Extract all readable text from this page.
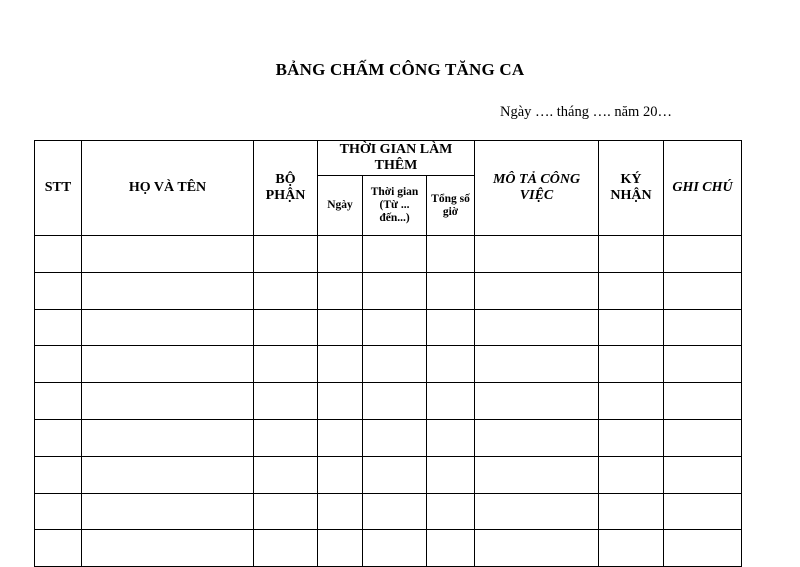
BẢNG CHẤM CÔNG TĂNG CA
Ngày …. tháng …. năm 20…
STT	HỌ VÀ TÊN	BỘ PHẬN	THỜI GIAN LÀM THÊM			MÔ TẢ CÔNG VIỆC	KÝ NHẬN	GHI CHÚ
			Ngày	Thời gian (Từ ... đến...)	Tổng số giờ			
